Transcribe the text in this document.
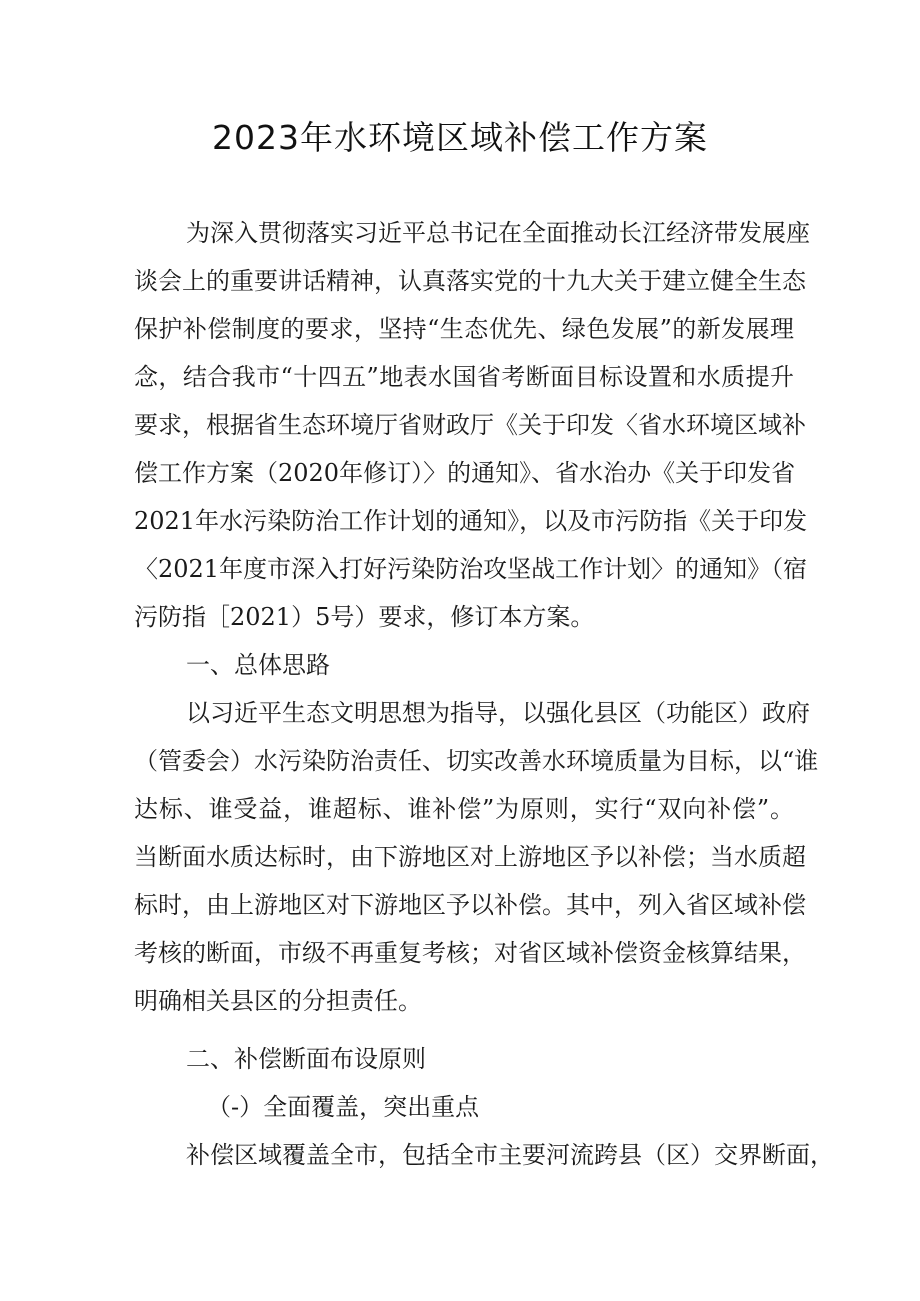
2023年水环境区域补偿工作方案
为深入贯彻落实习近平总书记在全面推动长江经济带发展座
谈会上的重要讲话精神，认真落实党的十九大关于建立健全生态
保护补偿制度的要求，坚持“生态优先、绿色发展”的新发展理
念，结合我市“十四五”地表水国省考断面目标设置和水质提升
要求，根据省生态环境厅省财政厅《关于印发〈省水环境区域补
偿工作方案（2020年修订）〉的通知》、省水治办《关于印发省
2021年水污染防治工作计划的通知》，以及市污防指《关于印发
〈2021年度市深入打好污染防治攻坚战工作计划〉的通知》（宿
污防指［2021）5号）要求，修订本方案。
一、总体思路
以习近平生态文明思想为指导，以强化县区（功能区）政府
（管委会）水污染防治责任、切实改善水环境质量为目标，以“谁
达标、谁受益，谁超标、谁补偿”为原则，实行“双向补偿”。
当断面水质达标时，由下游地区对上游地区予以补偿；当水质超
标时，由上游地区对下游地区予以补偿。其中，列入省区域补偿
考核的断面，市级不再重复考核；对省区域补偿资金核算结果，
明确相关县区的分担责任。
二、补偿断面布设原则
（-）全面覆盖，突出重点
补偿区域覆盖全市，包括全市主要河流跨县（区）交界断面，
